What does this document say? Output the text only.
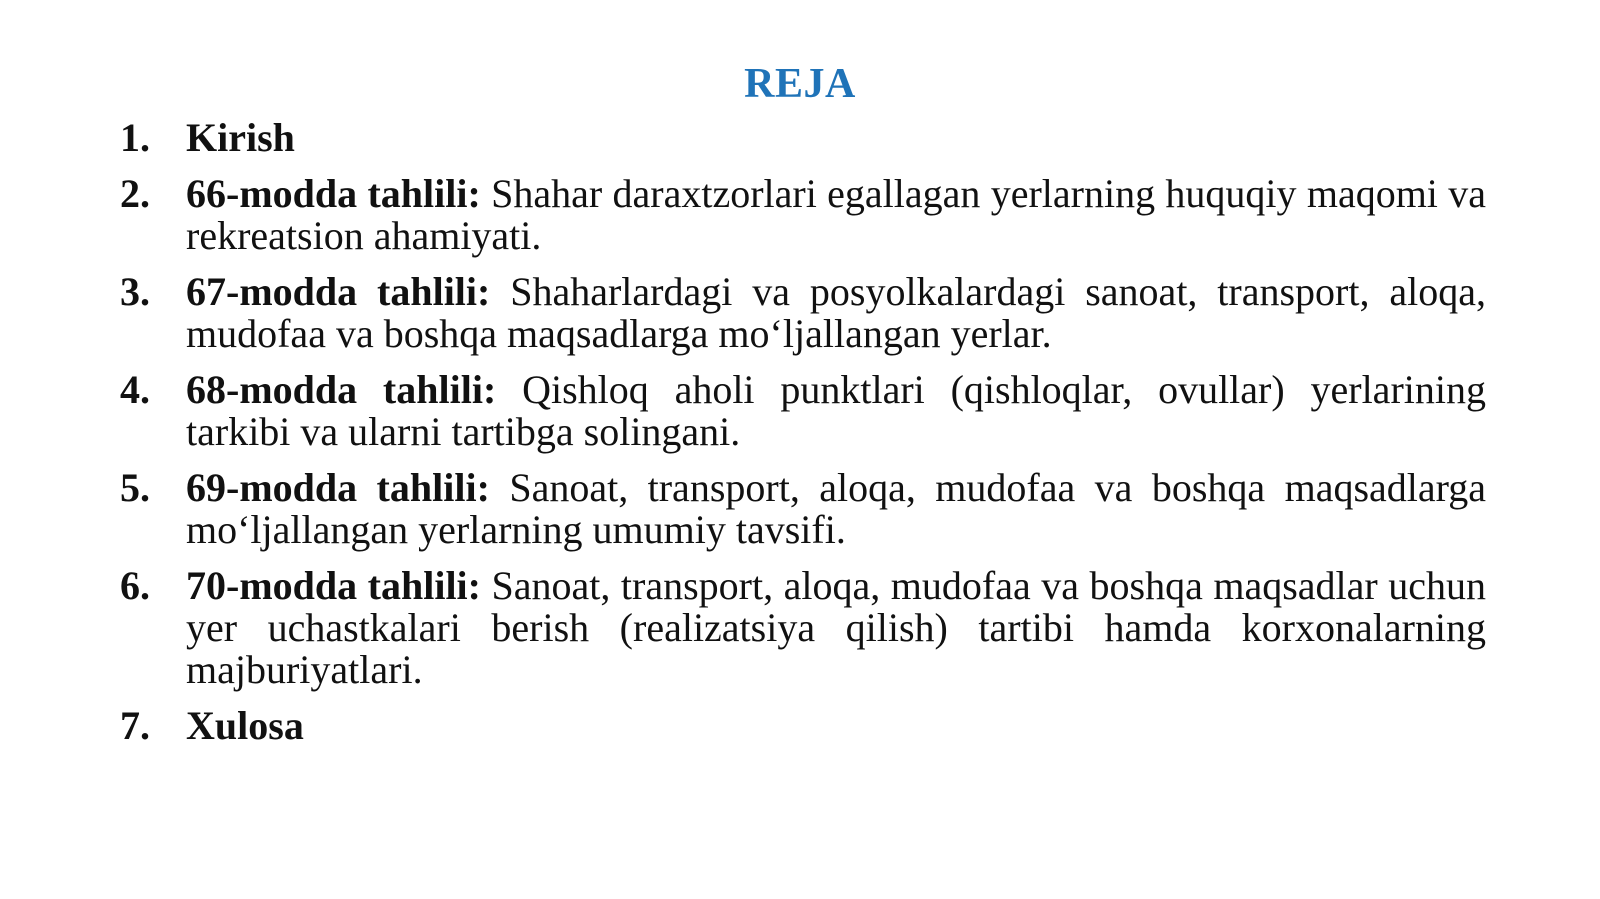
REJA
1. Kirish
2. 66-modda tahlili: Shahar daraxtzorlari egallagan yerlarning huquqiy maqomi va rekreatsion ahamiyati.
3. 67-modda tahlili: Shaharlardagi va posyolkalardagi sanoat, transport, aloqa, mudofaa va boshqa maqsadlarga moʻljallangan yerlar.
4. 68-modda tahlili: Qishloq aholi punktlari (qishloqlar, ovullar) yerlarining tarkibi va ularni tartibga solingani.
5. 69-modda tahlili: Sanoat, transport, aloqa, mudofaa va boshqa maqsadlarga moʻljallangan yerlarning umumiy tavsifi.
6. 70-modda tahlili: Sanoat, transport, aloqa, mudofaa va boshqa maqsadlar uchun yer uchastkalari berish (realizatsiya qilish) tartibi hamda korxonalarning majburiyatlari.
7. Xulosa
